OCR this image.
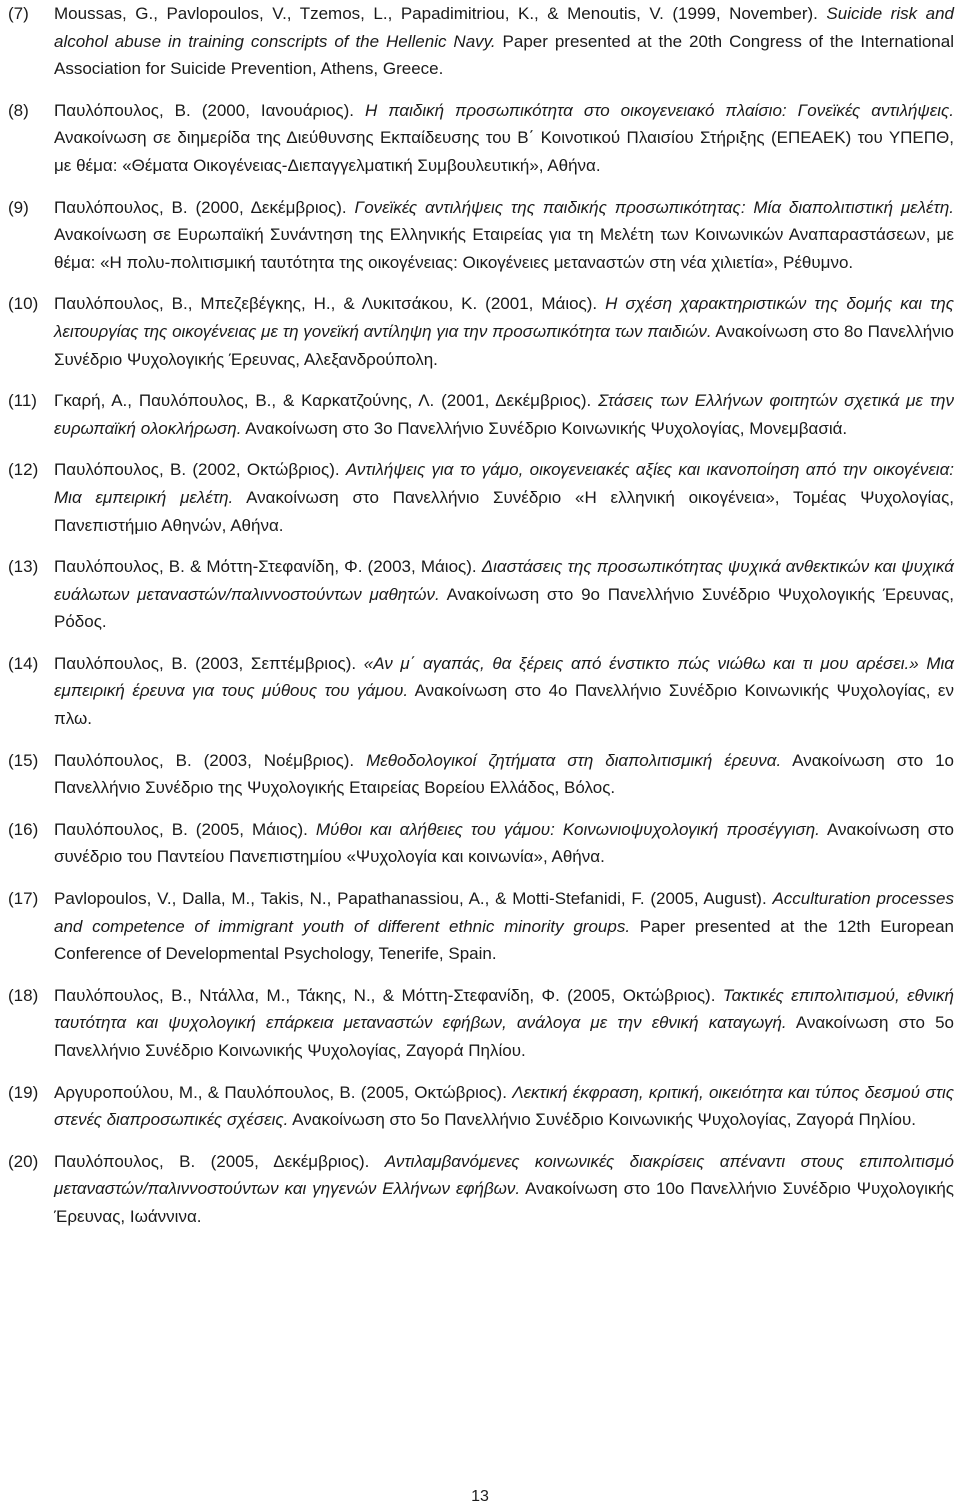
(7) Moussas, G., Pavlopoulos, V., Tzemos, L., Papadimitriou, K., & Menoutis, V. (1999, November). Suicide risk and alcohol abuse in training conscripts of the Hellenic Navy. Paper presented at the 20th Congress of the International Association for Suicide Prevention, Athens, Greece.
(8) Παυλόπουλος, Β. (2000, Ιανουάριος). Η παιδική προσωπικότητα στο οικογενειακό πλαίσιο: Γονεϊκές αντιλήψεις. Ανακοίνωση σε διημερίδα της Διεύθυνσης Εκπαίδευσης του Β΄ Κοινοτικού Πλαισίου Στήριξης (ΕΠΕΑΕΚ) του ΥΠΕΠΘ, με θέμα: «Θέματα Οικογένειας-Διεπαγγελματική Συμβουλευτική», Αθήνα.
(9) Παυλόπουλος, Β. (2000, Δεκέμβριος). Γονεϊκές αντιλήψεις της παιδικής προσωπικότητας: Μία διαπολιτιστική μελέτη. Ανακοίνωση σε Ευρωπαϊκή Συνάντηση της Ελληνικής Εταιρείας για τη Μελέτη των Κοινωνικών Αναπαραστάσεων, με θέμα: «Η πολυ-πολιτισμική ταυτότητα της οικογένειας: Οικογένειες μεταναστών στη νέα χιλιετία», Ρέθυμνο.
(10) Παυλόπουλος, Β., Μπεζεβέγκης, Η., & Λυκιτσάκου, Κ. (2001, Μάιος). Η σχέση χαρακτηριστικών της δομής και της λειτουργίας της οικογένειας με τη γονεϊκή αντίληψη για την προσωπικότητα των παιδιών. Ανακοίνωση στο 8ο Πανελλήνιο Συνέδριο Ψυχολογικής Έρευνας, Αλεξανδρούπολη.
(11) Γκαρή, Α., Παυλόπουλος, Β., & Καρκατζούνης, Λ. (2001, Δεκέμβριος). Στάσεις των Ελλήνων φοιτητών σχετικά με την ευρωπαϊκή ολοκλήρωση. Ανακοίνωση στο 3ο Πανελλήνιο Συνέδριο Κοινωνικής Ψυχολογίας, Μονεμβασιά.
(12) Παυλόπουλος, Β. (2002, Οκτώβριος). Αντιλήψεις για το γάμο, οικογενειακές αξίες και ικανοποίηση από την οικογένεια: Μια εμπειρική μελέτη. Ανακοίνωση στο Πανελλήνιο Συνέδριο «Η ελληνική οικογένεια», Τομέας Ψυχολογίας, Πανεπιστήμιο Αθηνών, Αθήνα.
(13) Παυλόπουλος, Β. & Μόττη-Στεφανίδη, Φ. (2003, Μάιος). Διαστάσεις της προσωπικότητας ψυχικά ανθεκτικών και ψυχικά ευάλωτων μεταναστών/παλιννοστούντων μαθητών. Ανακοίνωση στο 9ο Πανελλήνιο Συνέδριο Ψυχολογικής Έρευνας, Ρόδος.
(14) Παυλόπουλος, Β. (2003, Σεπτέμβριος). «Αν μ΄ αγαπάς, θα ξέρεις από ένστικτο πώς νιώθω και τι μου αρέσει.» Μια εμπειρική έρευνα για τους μύθους του γάμου. Ανακοίνωση στο 4ο Πανελλήνιο Συνέδριο Κοινωνικής Ψυχολογίας, εν πλω.
(15) Παυλόπουλος, Β. (2003, Νοέμβριος). Μεθοδολογικοί ζητήματα στη διαπολιτισμική έρευνα. Ανακοίνωση στο 1ο Πανελλήνιο Συνέδριο της Ψυχολογικής Εταιρείας Βορείου Ελλάδος, Βόλος.
(16) Παυλόπουλος, Β. (2005, Μάιος). Μύθοι και αλήθειες του γάμου: Κοινωνιοψυχολογική προσέγγιση. Ανακοίνωση στο συνέδριο του Παντείου Πανεπιστημίου «Ψυχολογία και κοινωνία», Αθήνα.
(17) Pavlopoulos, V., Dalla, M., Takis, N., Papathanassiou, A., & Motti-Stefanidi, F. (2005, August). Acculturation processes and competence of immigrant youth of different ethnic minority groups. Paper presented at the 12th European Conference of Developmental Psychology, Tenerife, Spain.
(18) Παυλόπουλος, Β., Ντάλλα, Μ., Τάκης, Ν., & Μόττη-Στεφανίδη, Φ. (2005, Οκτώβριος). Τακτικές επιπολιτισμού, εθνική ταυτότητα και ψυχολογική επάρκεια μεταναστών εφήβων, ανάλογα με την εθνική καταγωγή. Ανακοίνωση στο 5ο Πανελλήνιο Συνέδριο Κοινωνικής Ψυχολογίας, Ζαγορά Πηλίου.
(19) Αργυροπούλου, Μ., & Παυλόπουλος, Β. (2005, Οκτώβριος). Λεκτική έκφραση, κριτική, οικειότητα και τύπος δεσμού στις στενές διαπροσωπικές σχέσεις. Ανακοίνωση στο 5ο Πανελλήνιο Συνέδριο Κοινωνικής Ψυχολογίας, Ζαγορά Πηλίου.
(20) Παυλόπουλος, Β. (2005, Δεκέμβριος). Αντιλαμβανόμενες κοινωνικές διακρίσεις απέναντι στους επιπολιτισμό μεταναστών/παλιννοστούντων και γηγενών Ελλήνων εφήβων. Ανακοίνωση στο 10ο Πανελλήνιο Συνέδριο Ψυχολογικής Έρευνας, Ιωάννινα.
13
